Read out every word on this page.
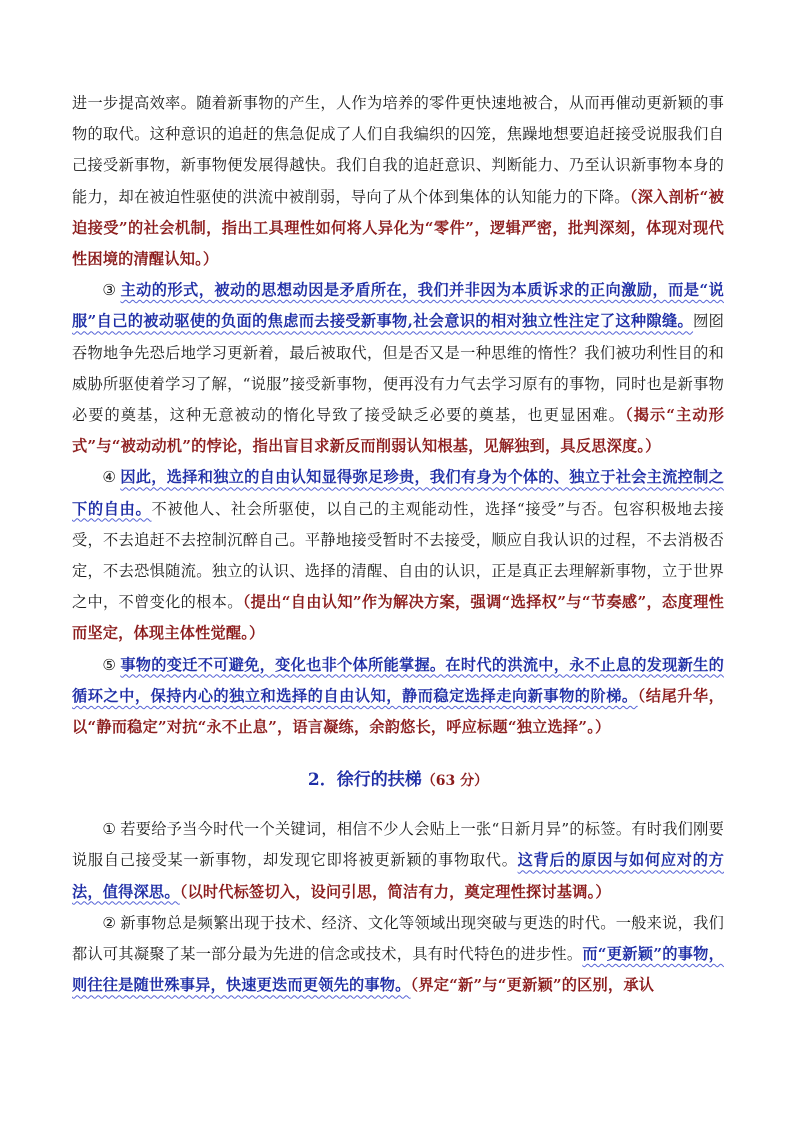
进一步提高效率。随着新事物的产生，人作为培养的零件更快速地被合，从而再催动更新颖的事物的取代。这种意识的追赶的焦急促成了人们自我编织的囚笼，焦躁地想要追赶接受说服我们自己接受新事物，新事物便发展得越快。我们自我的追赶意识、判断能力、乃至认识新事物本身的能力，却在被迫性驱使的洪流中被削弱，导向了从个体到集体的认知能力的下降。（深入剖析“被迫接受”的社会机制，指出工具理性如何将人异化为“零件”，逻辑严密，批判深刻，体现对现代性困境的清醒认知。）

③ 主动的形式，被动的思想动因是矛盾所在，我们并非因为本质诉求的正向激励，而是“说服”自己的被动驱使的负面的焦虑而去接受新事物,社会意识的相对独立性注定了这种隙缝。囫囵吞物地争先恐后地学习更新着，最后被取代，但是否又是一种思维的惰性？我们被功利性目的和威胁所驱使着学习了解，“说服”接受新事物，便再没有力气去学习原有的事物，同时也是新事物必要的奠基，这种无意被动的惰化导致了接受缺乏必要的奠基，也更显困难。（揭示“主动形式”与“被动动机”的悖论，指出盲目求新反而削弱认知根基，见解独到，具反思深度。）

④ 因此，选择和独立的自由认知显得弥足珍贵，我们有身为个体的、独立于社会主流控制之下的自由。不被他人、社会所驱使，以自己的主观能动性，选择“接受”与否。包容积极地去接受，不去追赶不去控制沉醉自己。平静地接受暂时不去接受，顺应自我认识的过程，不去消极否定，不去恐惧随流。独立的认识、选择的清醒、自由的认识，正是真正去理解新事物，立于世界之中，不曾变化的根本。（提出“自由认知”作为解决方案，强调“选择权”与“节奏感”，态度理性而坚定，体现主体性觉醒。）

⑤ 事物的变迁不可避免，变化也非个体所能掌握。在时代的洪流中，永不止息的发现新生的循环之中，保持内心的独立和选择的自由认知，静而稳定选择走向新事物的阶梯。（结尾升华，以“静而稳定”对抗“永不止息”，语言凝练，余韵悠长，呼应标题“独立选择”。）

2．徐行的扶梯（63 分）

① 若要给予当今时代一个关键词，相信不少人会贴上一张“日新月异”的标签。有时我们刚要说服自己接受某一新事物，却发现它即将被更新颖的事物取代。这背后的原因与如何应对的方法，值得深思。（以时代标签切入，设问引思，简洁有力，奠定理性探讨基调。）

② 新事物总是频繁出现于技术、经济、文化等领域出现突破与更迭的时代。一般来说，我们都认可其凝聚了某一部分最为先进的信念或技术，具有时代特色的进步性。而“更新颖”的事物，则往往是随世殊事异，快速更迭而更领先的事物。（界定“新”与“更新颖”的区别，承认
